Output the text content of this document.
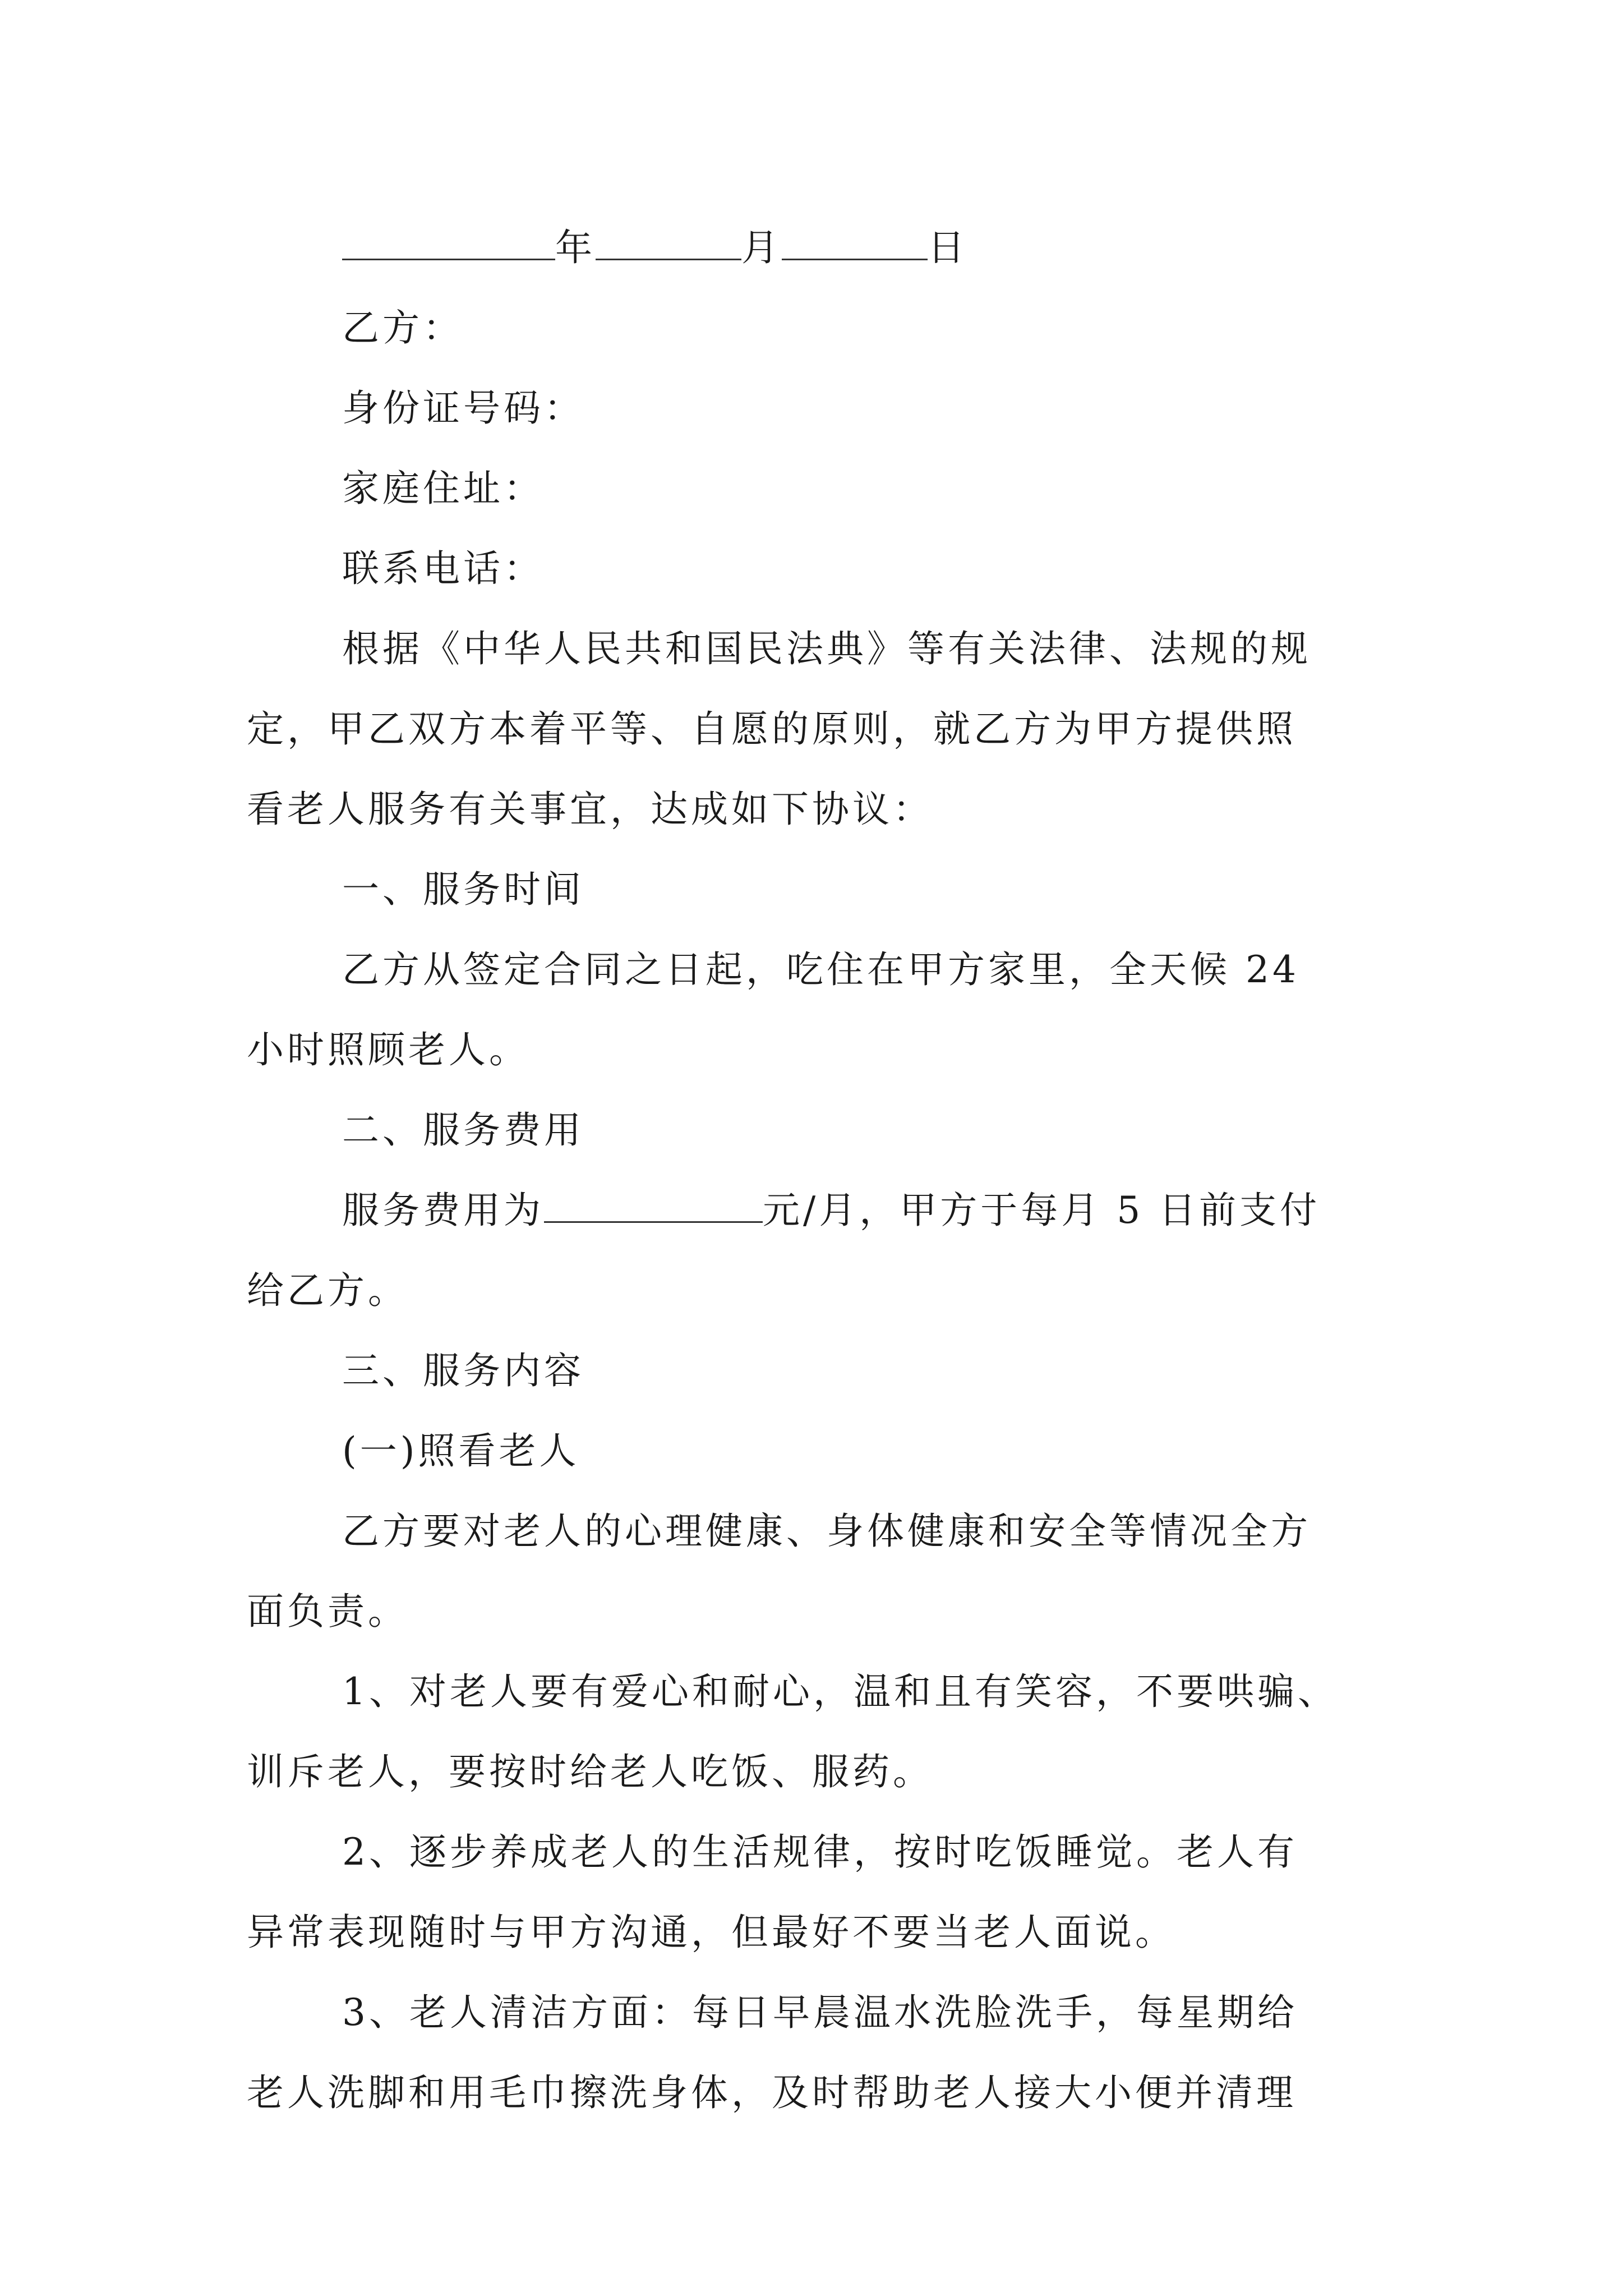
年	月	日
乙方：
身份证号码：
家庭住址：
联系电话：
根据《中华人民共和国民法典》等有关法律、法规的规
定，甲乙双方本着平等、自愿的原则，就乙方为甲方提供照
看老人服务有关事宜，达成如下协议：
一、服务时间
乙方从签定合同之日起，吃住在甲方家里，全天候 24
小时照顾老人。
二、服务费用
服务费用为	元/月，甲方于每月 5 日前支付
给乙方。
三、服务内容
(一)照看老人
乙方要对老人的心理健康、身体健康和安全等情况全方
面负责。
1、对老人要有爱心和耐心，温和且有笑容，不要哄骗、
训斥老人，要按时给老人吃饭、服药。
2、逐步养成老人的生活规律，按时吃饭睡觉。老人有
异常表现随时与甲方沟通，但最好不要当老人面说。
3、老人清洁方面：每日早晨温水洗脸洗手，每星期给
老人洗脚和用毛巾擦洗身体，及时帮助老人接大小便并清理
